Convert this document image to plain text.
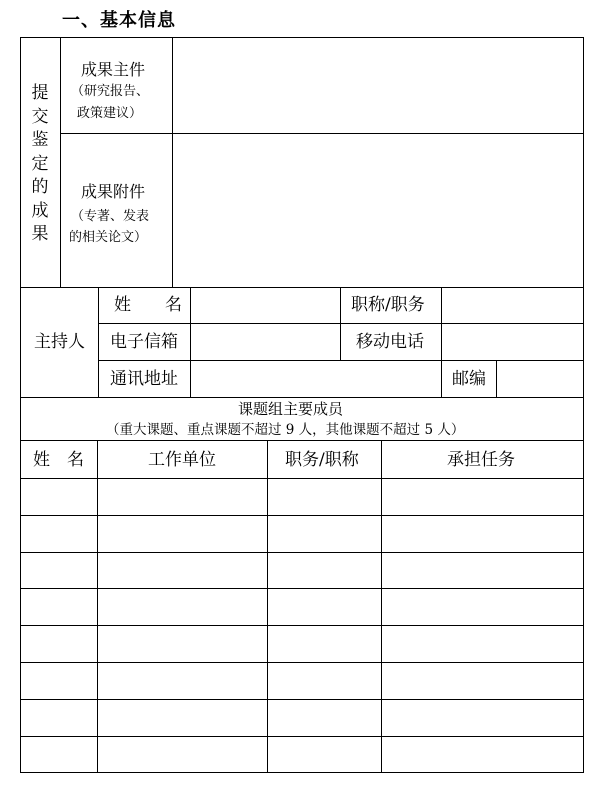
一、基本信息
提交鉴定的成果
成果主件
（研究报告、
政策建议）
成果附件
（专著、发表
的相关论文）
主持人
姓　　名	职称/职务
电子信箱	移动电话
通讯地址	邮编
课题组主要成员
（重大课题、重点课题不超过 9 人，其他课题不超过 5 人）
姓　名	工作单位	职务/职称	承担任务
